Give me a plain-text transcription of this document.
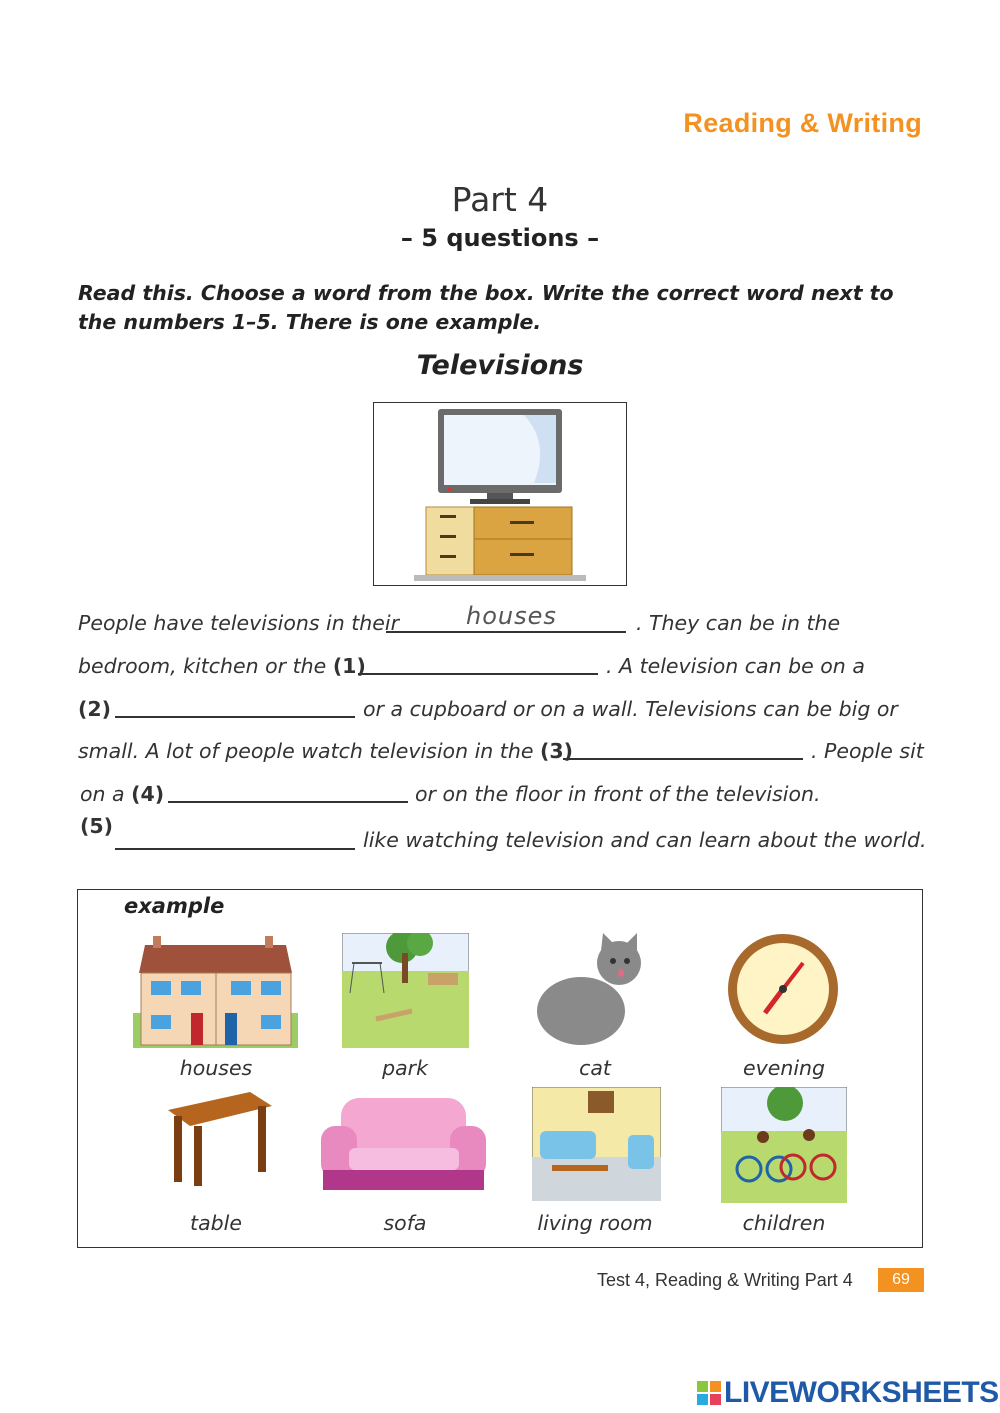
Reading & Writing
Part 4
– 5 questions –
Read this. Choose a word from the box. Write the correct word next to the numbers 1–5. There is one example.
Televisions
People have televisions in their	houses	. They can be in the
bedroom, kitchen or the (1)	. A television can be on a
(2)	or a cupboard or on a wall. Televisions can be big or
small. A lot of people watch television in the (3)	. People sit
on a (4)	or on the floor in front of the television.
(5)
like watching television and can learn about the world.
example
houses	park	cat	evening
table	sofa	living room	children
Test 4, Reading & Writing Part 4	69
LIVEWORKSHEETS
